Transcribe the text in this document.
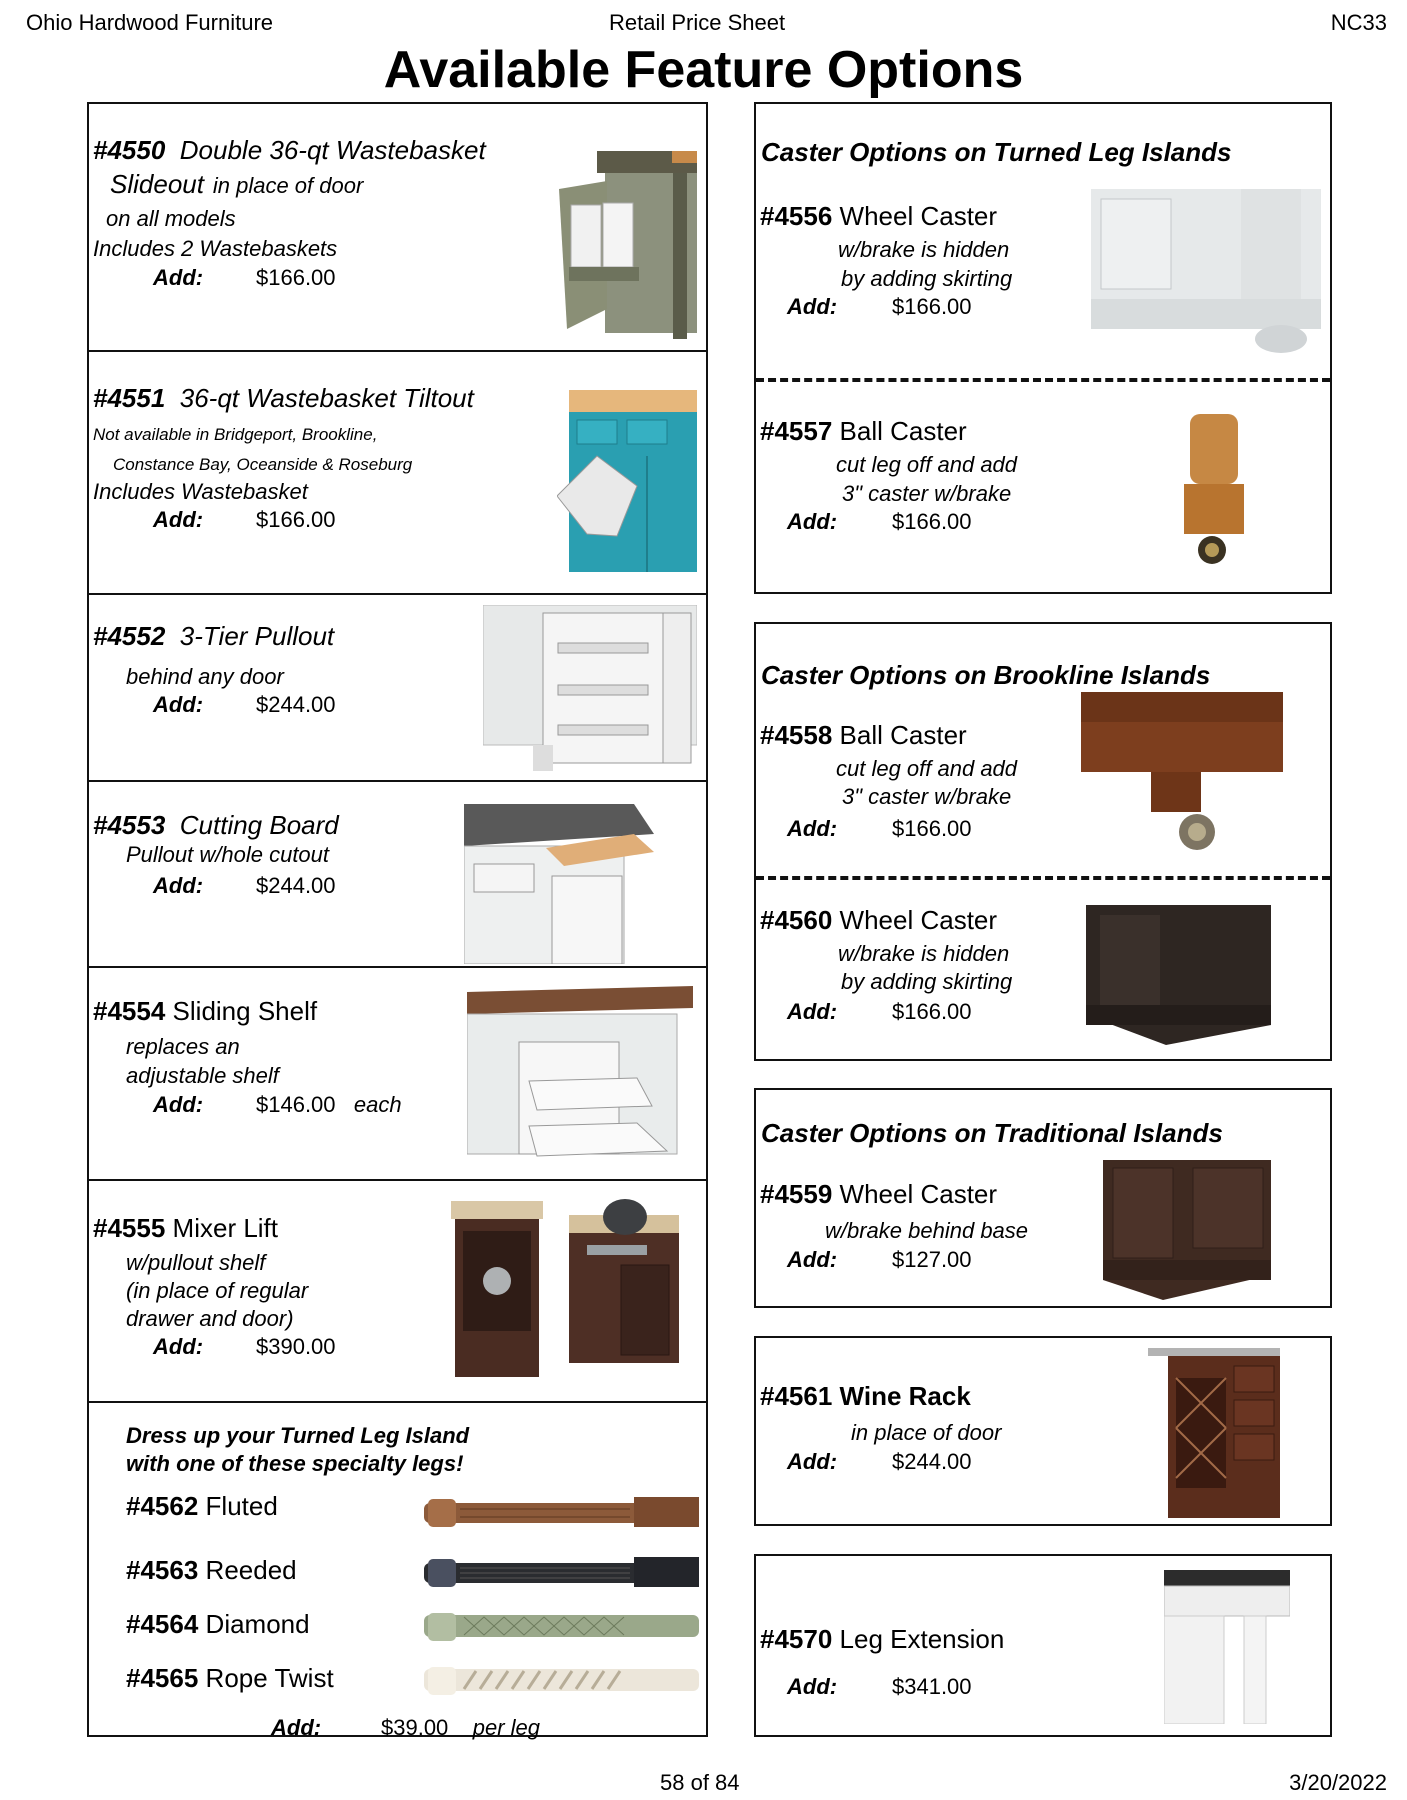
Ohio Hardwood Furniture	Retail Price Sheet	NC33
Available Feature Options
#4550 Double 36-qt Wastebasket
Slideout in place of door
on all models
Includes 2 Wastebaskets
Add: $166.00
#4551 36-qt Wastebasket Tiltout
Not available in Bridgeport, Brookline,
Constance Bay, Oceanside & Roseburg
Includes Wastebasket
Add: $166.00
#4552 3-Tier Pullout
behind any door
Add: $244.00
#4553 Cutting Board
Pullout w/hole cutout
Add: $244.00
#4554 Sliding Shelf
replaces an
adjustable shelf
Add: $146.00 each
#4555 Mixer Lift
w/pullout shelf
(in place of regular
drawer and door)
Add: $390.00
Dress up your Turned Leg Island
with one of these specialty legs!
#4562 Fluted
#4563 Reeded
#4564 Diamond
#4565 Rope Twist
Add:	$39.00 per leg
Caster Options on Turned Leg Islands
#4556 Wheel Caster
w/brake is hidden
by adding skirting
Add: $166.00
#4557 Ball Caster
cut leg off and add
3" caster w/brake
Add: $166.00
Caster Options on Brookline Islands
#4558 Ball Caster
cut leg off and add
3" caster w/brake
Add: $166.00
#4560 Wheel Caster
w/brake is hidden
by adding skirting
Add: $166.00
Caster Options on Traditional Islands
#4559 Wheel Caster
w/brake behind base
Add: $127.00
#4561 Wine Rack
in place of door
Add: $244.00
#4570 Leg Extension
Add: $341.00
58 of 84	3/20/2022
